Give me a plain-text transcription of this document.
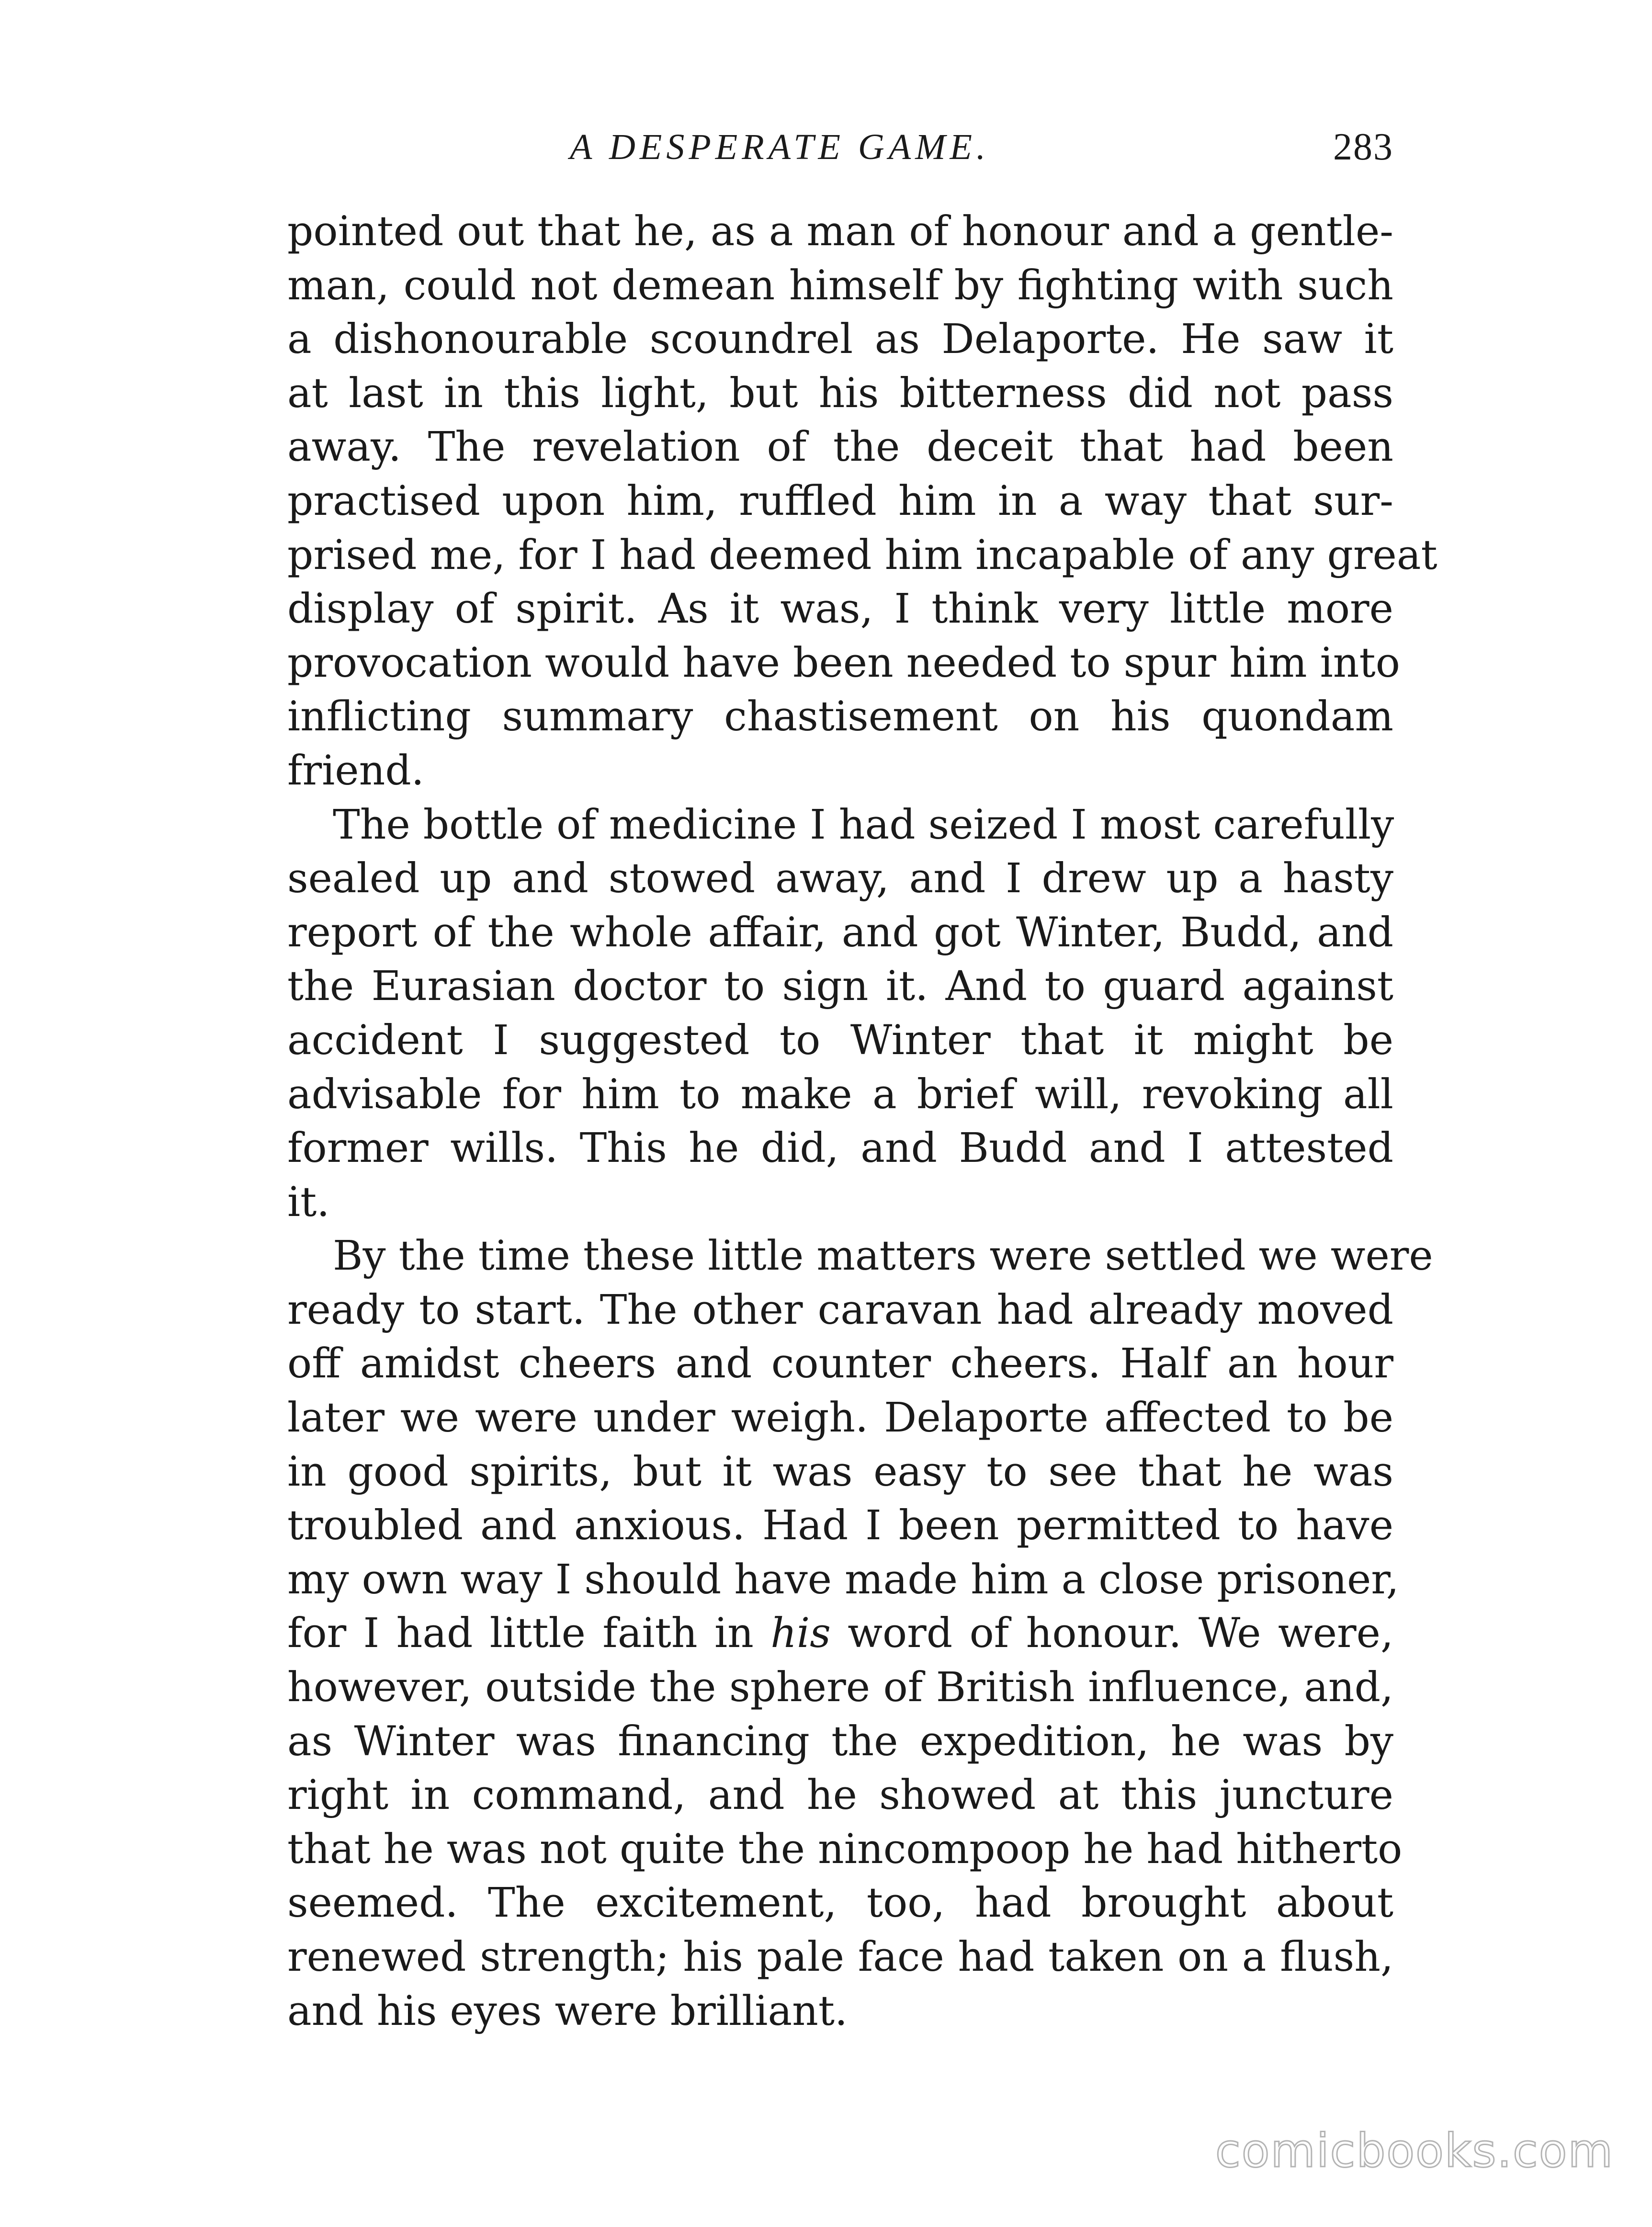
A DESPERATE GAME.	283
pointed out that he, as a man of honour and a gentle-
man, could not demean himself by fighting with such
a dishonourable scoundrel as Delaporte. He saw it
at last in this light, but his bitterness did not pass
away. The revelation of the deceit that had been
practised upon him, ruffled him in a way that sur-
prised me, for I had deemed him incapable of any great
display of spirit. As it was, I think very little more
provocation would have been needed to spur him into
inflicting summary chastisement on his quondam
friend.
The bottle of medicine I had seized I most carefully
sealed up and stowed away, and I drew up a hasty
report of the whole affair, and got Winter, Budd, and
the Eurasian doctor to sign it. And to guard against
accident I suggested to Winter that it might be
advisable for him to make a brief will, revoking all
former wills. This he did, and Budd and I attested
it.
By the time these little matters were settled we were
ready to start. The other caravan had already moved
off amidst cheers and counter cheers. Half an hour
later we were under weigh. Delaporte affected to be
in good spirits, but it was easy to see that he was
troubled and anxious. Had I been permitted to have
my own way I should have made him a close prisoner,
for I had little faith in his word of honour. We were,
however, outside the sphere of British influence, and,
as Winter was financing the expedition, he was by
right in command, and he showed at this juncture
that he was not quite the nincompoop he had hitherto
seemed. The excitement, too, had brought about
renewed strength; his pale face had taken on a flush,
and his eyes were brilliant.
comicbooks.com
